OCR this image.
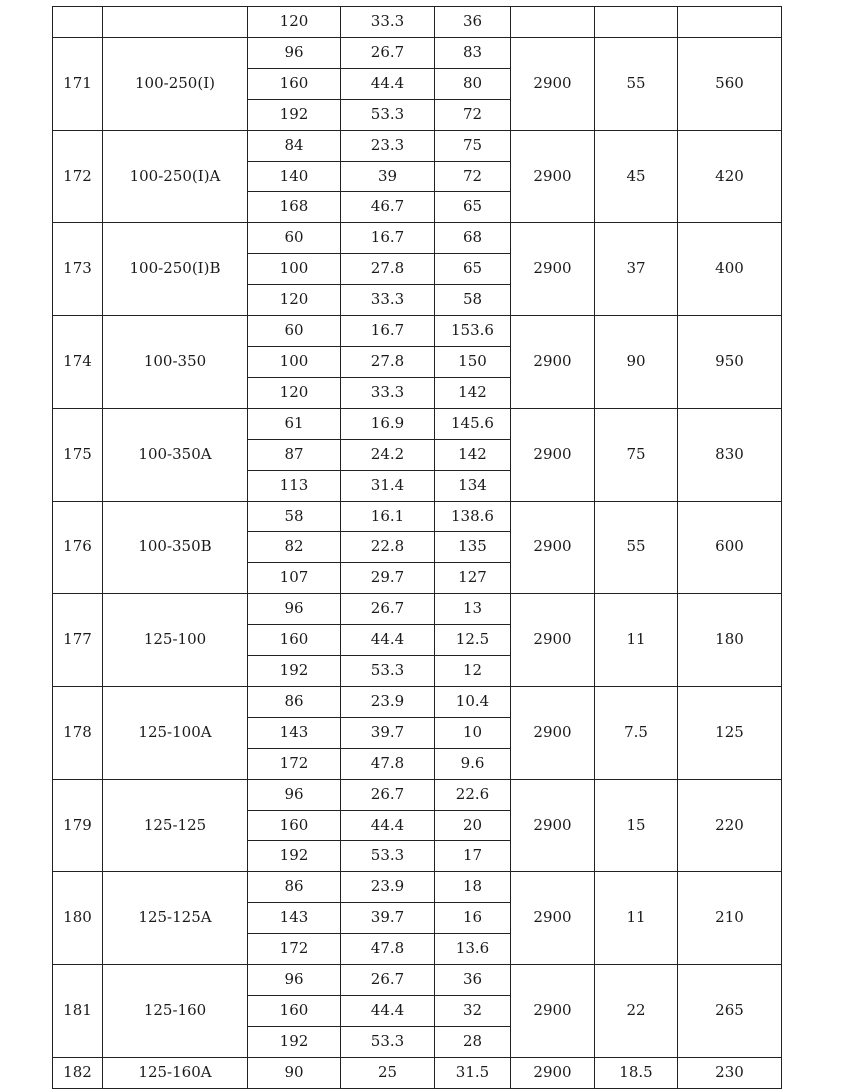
		120	33.3	36			
171	100-250(I)	96	26.7	83	2900	55	560
		160	44.4	80			
		192	53.3	72			
172	100-250(I)A	84	23.3	75	2900	45	420
		140	39	72			
		168	46.7	65			
173	100-250(I)B	60	16.7	68	2900	37	400
		100	27.8	65			
		120	33.3	58			
174	100-350	60	16.7	153.6	2900	90	950
		100	27.8	150			
		120	33.3	142			
175	100-350A	61	16.9	145.6	2900	75	830
		87	24.2	142			
		113	31.4	134			
176	100-350B	58	16.1	138.6	2900	55	600
		82	22.8	135			
		107	29.7	127			
177	125-100	96	26.7	13	2900	11	180
		160	44.4	12.5			
		192	53.3	12			
178	125-100A	86	23.9	10.4	2900	7.5	125
		143	39.7	10			
		172	47.8	9.6			
179	125-125	96	26.7	22.6	2900	15	220
		160	44.4	20			
		192	53.3	17			
180	125-125A	86	23.9	18	2900	11	210
		143	39.7	16			
		172	47.8	13.6			
181	125-160	96	26.7	36	2900	22	265
		160	44.4	32			
		192	53.3	28			
182	125-160A	90	25	31.5	2900	18.5	230
